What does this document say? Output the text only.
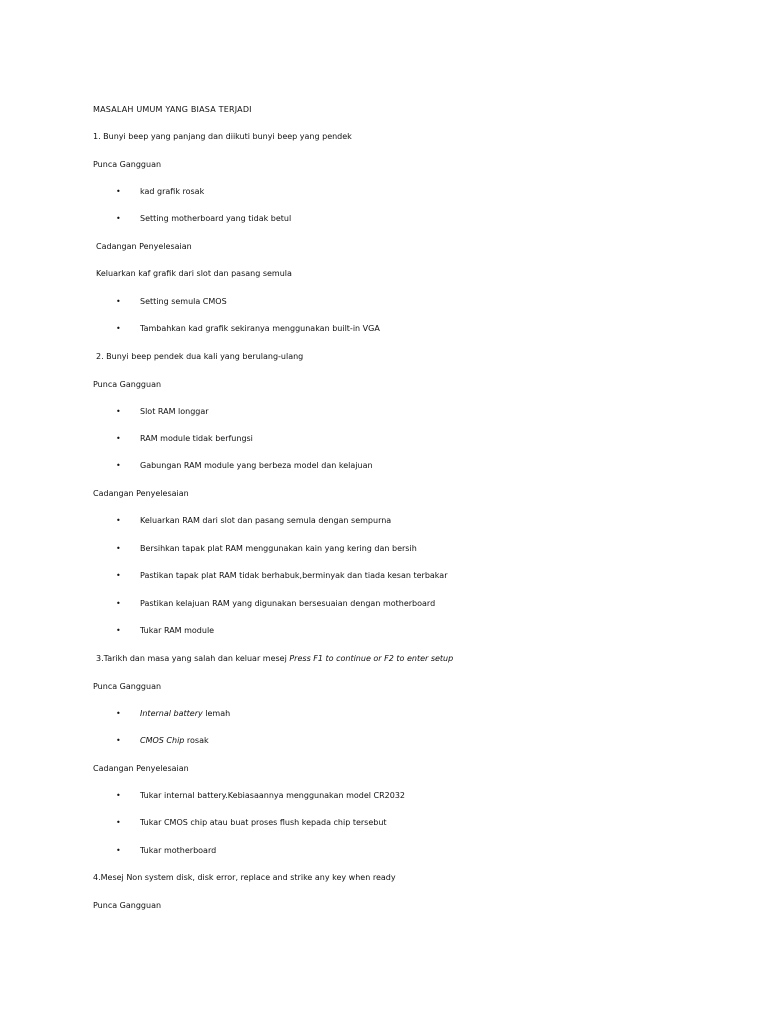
MASALAH UMUM YANG BIASA TERJADI
1. Bunyi beep yang panjang dan diikuti bunyi beep yang pendek
Punca Gangguan
• kad grafik rosak
• Setting motherboard yang tidak betul
Cadangan Penyelesaian
Keluarkan kaf grafik dari slot dan pasang semula
• Setting semula CMOS
• Tambahkan kad grafik sekiranya menggunakan built-in VGA
2. Bunyi beep pendek dua kali yang berulang-ulang
Punca Gangguan
• Slot RAM longgar
• RAM module tidak berfungsi
• Gabungan RAM module yang berbeza model dan kelajuan
Cadangan Penyelesaian
• Keluarkan RAM dari slot dan pasang semula dengan sempurna
• Bersihkan tapak plat RAM menggunakan kain yang kering dan bersih
• Pastikan tapak plat RAM tidak berhabuk,berminyak dan tiada kesan terbakar
• Pastikan kelajuan RAM yang digunakan bersesuaian dengan motherboard
• Tukar RAM module
3.Tarikh dan masa yang salah dan keluar mesej Press F1 to continue or F2 to enter setup
Punca Gangguan
• Internal battery lemah
• CMOS Chip rosak
Cadangan Penyelesaian
• Tukar internal battery.Kebiasaannya menggunakan model CR2032
• Tukar CMOS chip atau buat proses flush kepada chip tersebut
• Tukar motherboard
4.Mesej Non system disk, disk error, replace and strike any key when ready
Punca Gangguan
